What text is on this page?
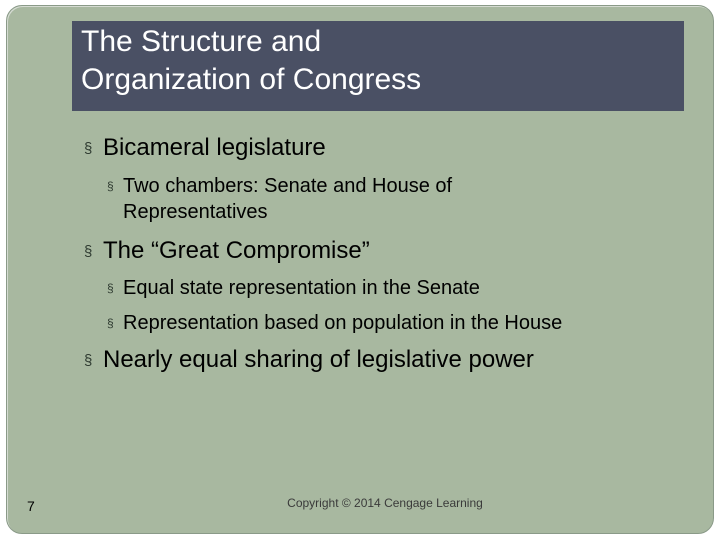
The Structure and
Organization of Congress
§ Bicameral legislature
§ Two chambers: Senate and House of Representatives
§ The “Great Compromise”
§ Equal state representation in the Senate
§ Representation based on population in the House
§ Nearly equal sharing of legislative power
7	Copyright © 2014 Cengage Learning
